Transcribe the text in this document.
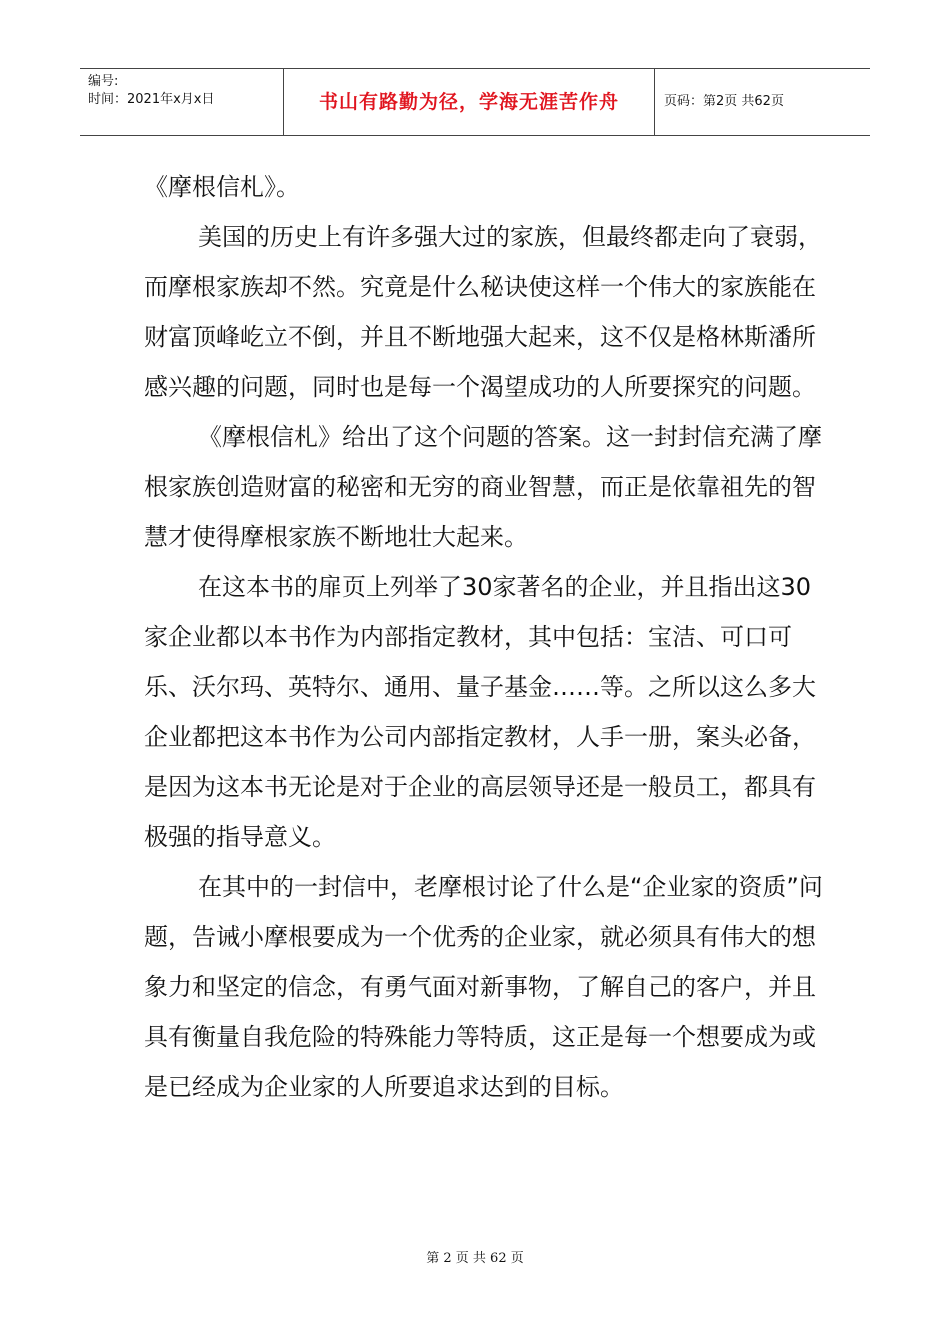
编号:
时间：2021年x月x日	书山有路勤为径，学海无涯苦作舟	页码：第2页 共62页

《摩根信札》。

美国的历史上有许多强大过的家族，但最终都走向了衰弱，而摩根家族却不然。究竟是什么秘诀使这样一个伟大的家族能在财富顶峰屹立不倒，并且不断地强大起来，这不仅是格林斯潘所感兴趣的问题，同时也是每一个渴望成功的人所要探究的问题。

《摩根信札》给出了这个问题的答案。这一封封信充满了摩根家族创造财富的秘密和无穷的商业智慧，而正是依靠祖先的智慧才使得摩根家族不断地壮大起来。

在这本书的扉页上列举了30家著名的企业，并且指出这30家企业都以本书作为内部指定教材，其中包括：宝洁、可口可乐、沃尔玛、英特尔、通用、量子基金……等。之所以这么多大企业都把这本书作为公司内部指定教材，人手一册，案头必备，是因为这本书无论是对于企业的高层领导还是一般员工，都具有极强的指导意义。

在其中的一封信中，老摩根讨论了什么是“企业家的资质”问题，告诫小摩根要成为一个优秀的企业家，就必须具有伟大的想象力和坚定的信念，有勇气面对新事物，了解自己的客户，并且具有衡量自我危险的特殊能力等特质，这正是每一个想要成为或是已经成为企业家的人所要追求达到的目标。

第 2 页 共 62 页
